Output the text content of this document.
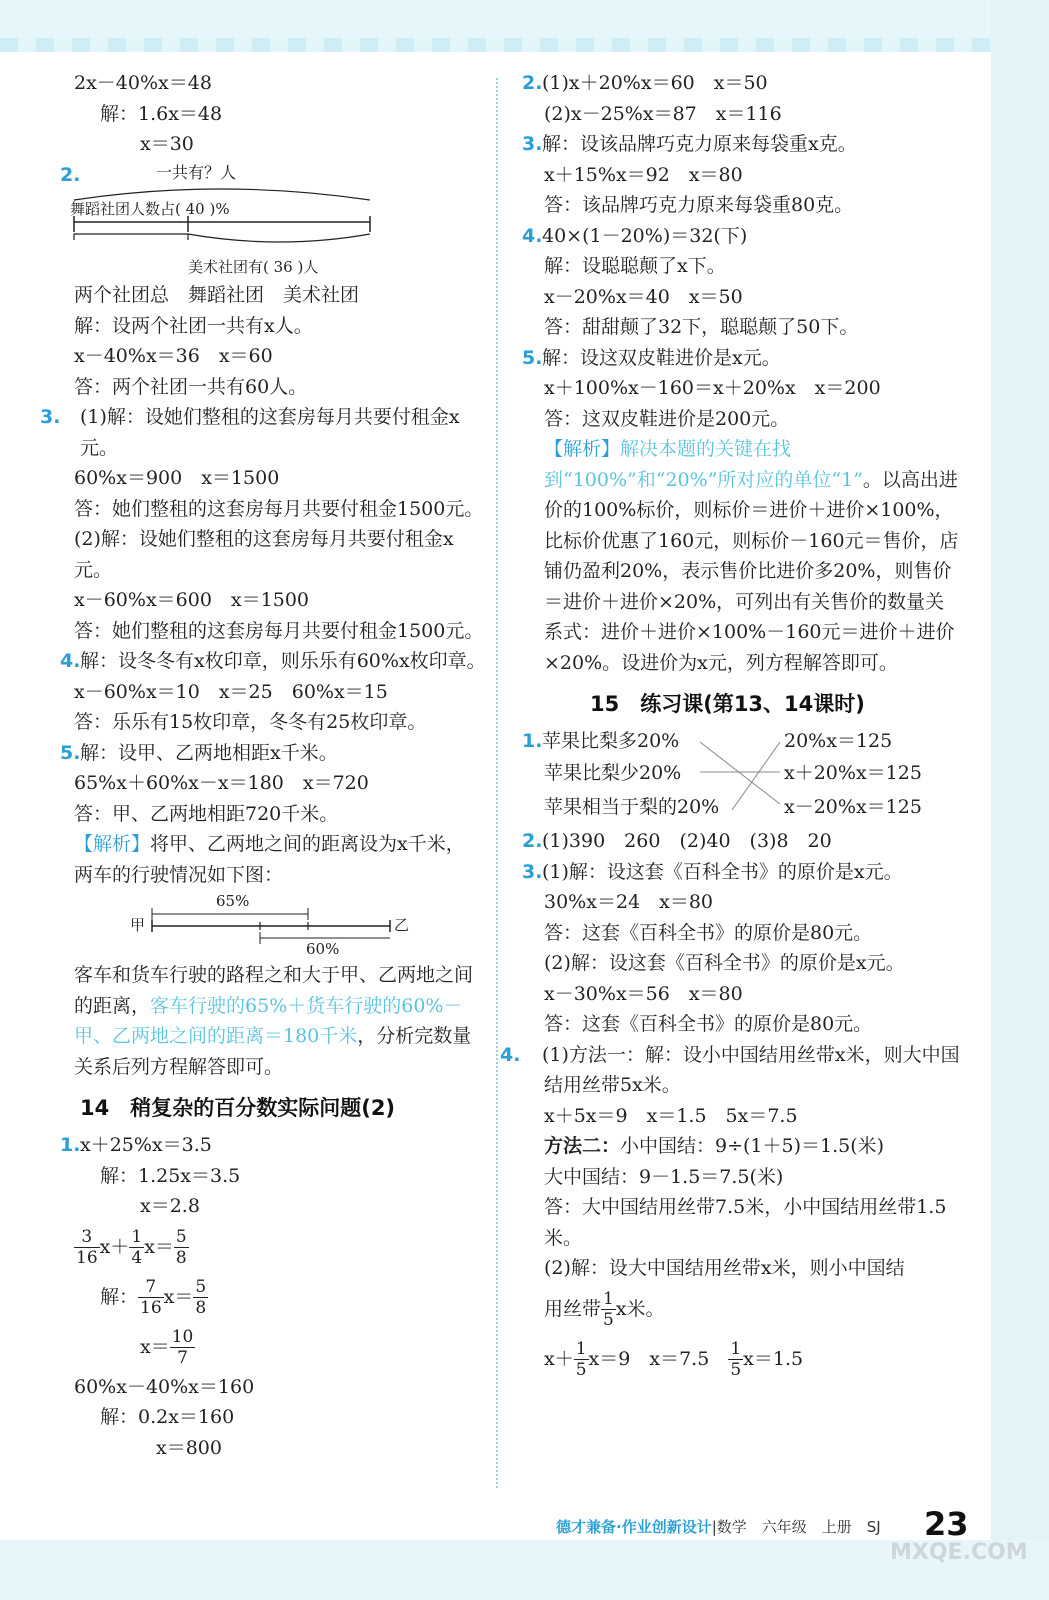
2x－40%x＝48
解：1.6x＝48
x＝30
2.	一共有？人
舞蹈社团人数占( 40 )%
美术社团有( 36 )人
两个社团总　舞蹈社团　美术社团
解：设两个社团一共有x人。
x－40%x＝36　x＝60
答：两个社团一共有60人。
3. (1)解：设她们整租的这套房每月共要付租金x元。
60%x＝900　x＝1500
答：她们整租的这套房每月共要付租金1500元。
(2)解：设她们整租的这套房每月共要付租金x元。
x－60%x＝600　x＝1500
答：她们整租的这套房每月共要付租金1500元。
4.解：设冬冬有x枚印章，则乐乐有60%x枚印章。
x－60%x＝10　x＝25　60%x＝15
答：乐乐有15枚印章，冬冬有25枚印章。
5.解：设甲、乙两地相距x千米。
65%x＋60%x－x＝180　x＝720
答：甲、乙两地相距720千米。
【解析】将甲、乙两地之间的距离设为x千米，两车的行驶情况如下图：
甲	乙
65%
60%
客车和货车行驶的路程之和大于甲、乙两地之间的距离，客车行驶的65%＋货车行驶的60%－甲、乙两地之间的距离＝180千米，分析完数量关系后列方程解答即可。
14　稍复杂的百分数实际问题(2)
1.x＋25%x＝3.5
解：1.25x＝3.5
x＝2.8
$\frac{3}{16} x+ \frac{1}{4} x= \frac{5}{8}$
解： $\frac{7}{16} x= \frac{5}{8}$
$x= \frac{10}{7}$
60%x－40%x＝160
解：0.2x＝160
x＝800
2.(1)x＋20%x＝60　x＝50
(2)x－25%x＝87　x＝116
3.解：设该品牌巧克力原来每袋重x克。
x＋15%x＝92　x＝80
答：该品牌巧克力原来每袋重80克。
4.40×(1－20%)＝32(下)
解：设聪聪颠了x下。
x－20%x＝40　x＝50
答：甜甜颠了32下，聪聪颠了50下。
5.解：设这双皮鞋进价是x元。
x＋100%x－160＝x＋20%x　x＝200
答：这双皮鞋进价是200元。
【解析】解决本题的关键在找到“100%”和“20%”所对应的单位“1”。以高出进价的100%标价，则标价＝进价＋进价×100%，比标价优惠了160元，则标价－160元＝售价，店铺仍盈利20%，表示售价比进价多20%，则售价＝进价＋进价×20%，可列出有关售价的数量关系式：进价＋进价×100%－160元＝进价＋进价×20%。设进价为x元，列方程解答即可。
15　练习课(第13、14课时)
1.苹果比梨多20%
苹果比梨少20%
苹果相当于梨的20%
20%x＝125
x＋20%x＝125
x－20%x＝125
2.(1)390　260　(2)40　(3)8　20
3.(1)解：设这套《百科全书》的原价是x元。
30%x＝24　x＝80
答：这套《百科全书》的原价是80元。
(2)解：设这套《百科全书》的原价是x元。
x－30%x＝56　x＝80
答：这套《百科全书》的原价是80元。
4. (1)方法一：解：设小中国结用丝带x米，则大中国结用丝带5x米。
x＋5x＝9　x＝1.5　5x＝7.5
方法二：小中国结：9÷(1＋5)＝1.5(米)
大中国结：9－1.5＝7.5(米)
答：大中国结用丝带7.5米，小中国结用丝带1.5米。
(2)解：设大中国结用丝带x米，则小中国结
用丝带 $\frac{1}{5}$ x米。
$x+ \frac{1}{5} x=9$　x＝7.5　 $\frac{1}{5} x=1.5$
德才兼备·作业创新设计|数学　六年级　上册　SJ 23
MXQE.COM
